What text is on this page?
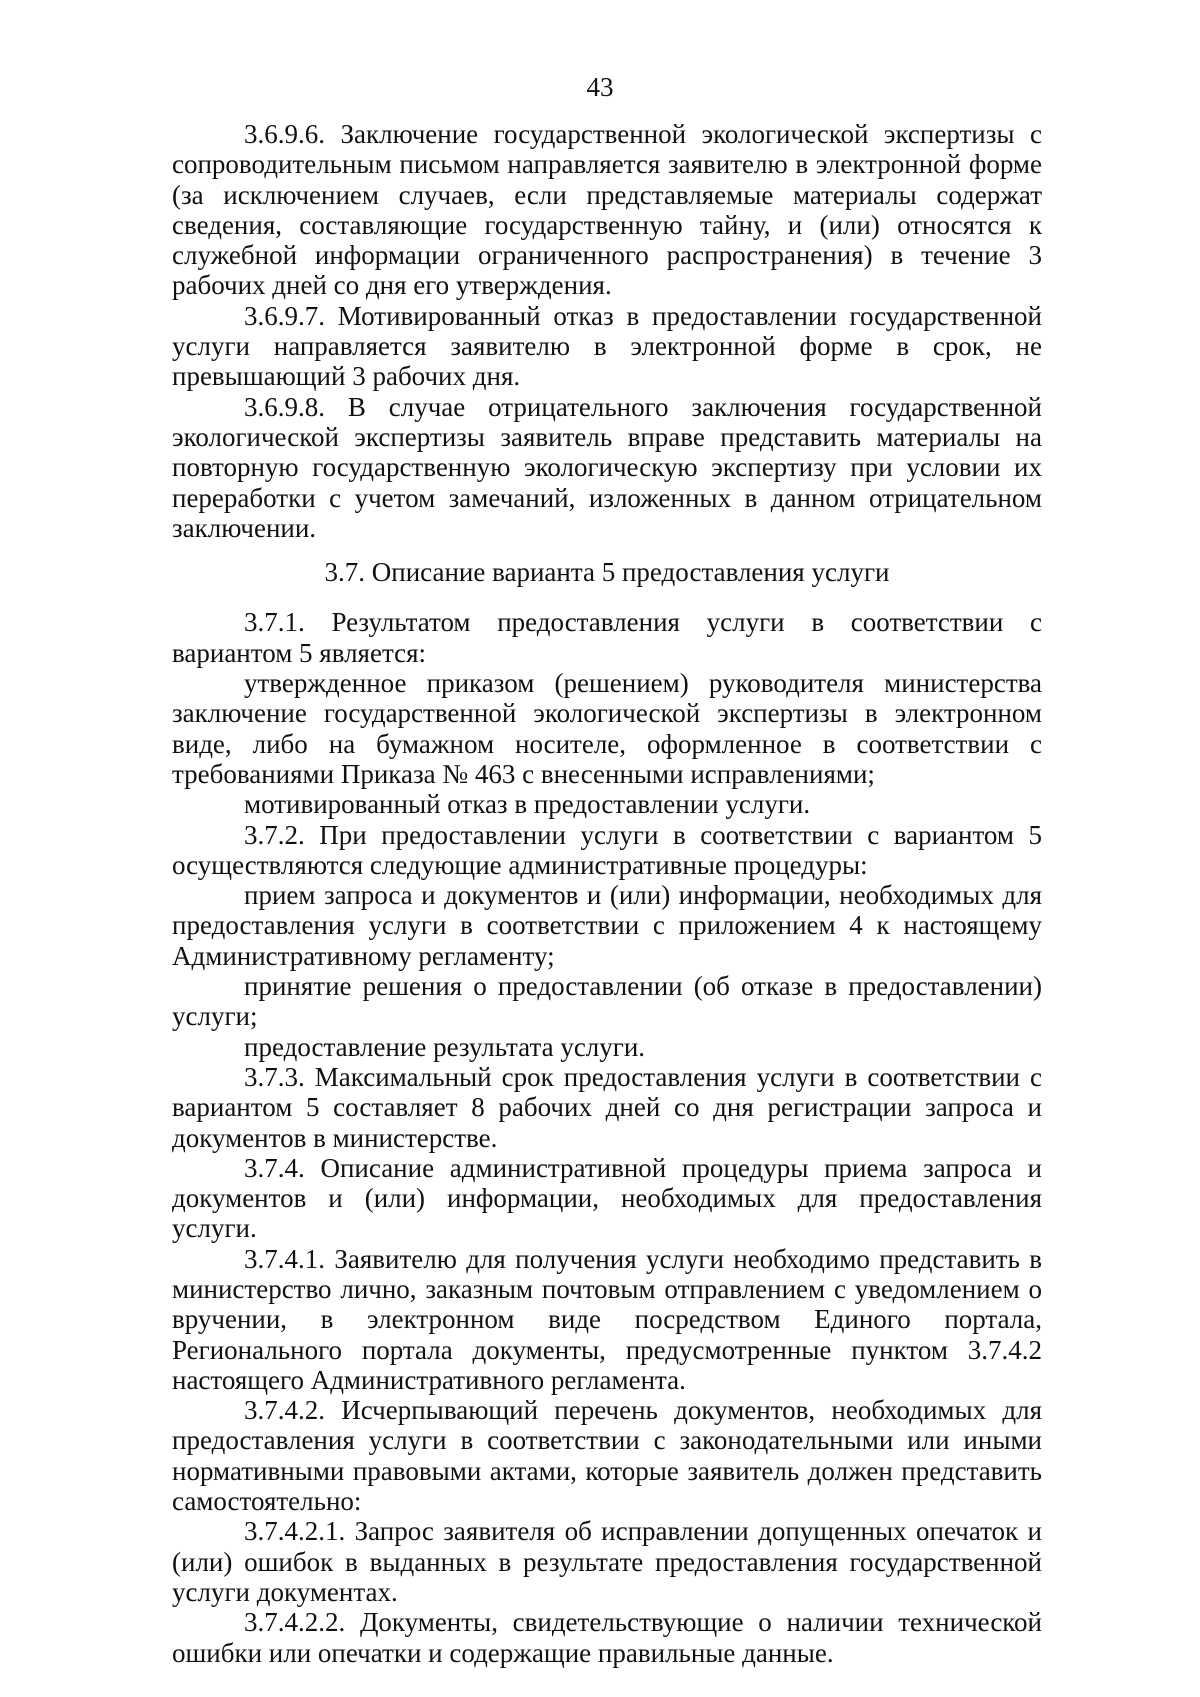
43

3.6.9.6. Заключение государственной экологической экспертизы с сопроводительным письмом направляется заявителю в электронной форме (за исключением случаев, если представляемые материалы содержат сведения, составляющие государственную тайну, и (или) относятся к служебной информации ограниченного распространения) в течение 3 рабочих дней со дня его утверждения.

3.6.9.7. Мотивированный отказ в предоставлении государственной услуги направляется заявителю в электронной форме в срок, не превышающий 3 рабочих дня.

3.6.9.8. В случае отрицательного заключения государственной экологической экспертизы заявитель вправе представить материалы на повторную государственную экологическую экспертизу при условии их переработки с учетом замечаний, изложенных в данном отрицательном заключении.

3.7. Описание варианта 5 предоставления услуги

3.7.1. Результатом предоставления услуги в соответствии с вариантом 5 является:

утвержденное приказом (решением) руководителя министерства заключение государственной экологической экспертизы в электронном виде, либо на бумажном носителе, оформленное в соответствии с требованиями Приказа № 463 с внесенными исправлениями;

мотивированный отказ в предоставлении услуги.

3.7.2. При предоставлении услуги в соответствии с вариантом 5 осуществляются следующие административные процедуры:

прием запроса и документов и (или) информации, необходимых для предоставления услуги в соответствии с приложением 4 к настоящему Административному регламенту;

принятие решения о предоставлении (об отказе в предоставлении) услуги;

предоставление результата услуги.

3.7.3. Максимальный срок предоставления услуги в соответствии с вариантом 5 составляет 8 рабочих дней со дня регистрации запроса и документов в министерстве.

3.7.4. Описание административной процедуры приема запроса и документов и (или) информации, необходимых для предоставления услуги.

3.7.4.1. Заявителю для получения услуги необходимо представить в министерство лично, заказным почтовым отправлением с уведомлением о вручении, в электронном виде посредством Единого портала, Регионального портала документы, предусмотренные пунктом 3.7.4.2 настоящего Административного регламента.

3.7.4.2. Исчерпывающий перечень документов, необходимых для предоставления услуги в соответствии с законодательными или иными нормативными правовыми актами, которые заявитель должен представить самостоятельно:

3.7.4.2.1. Запрос заявителя об исправлении допущенных опечаток и (или) ошибок в выданных в результате предоставления государственной услуги документах.

3.7.4.2.2. Документы, свидетельствующие о наличии технической ошибки или опечатки и содержащие правильные данные.
